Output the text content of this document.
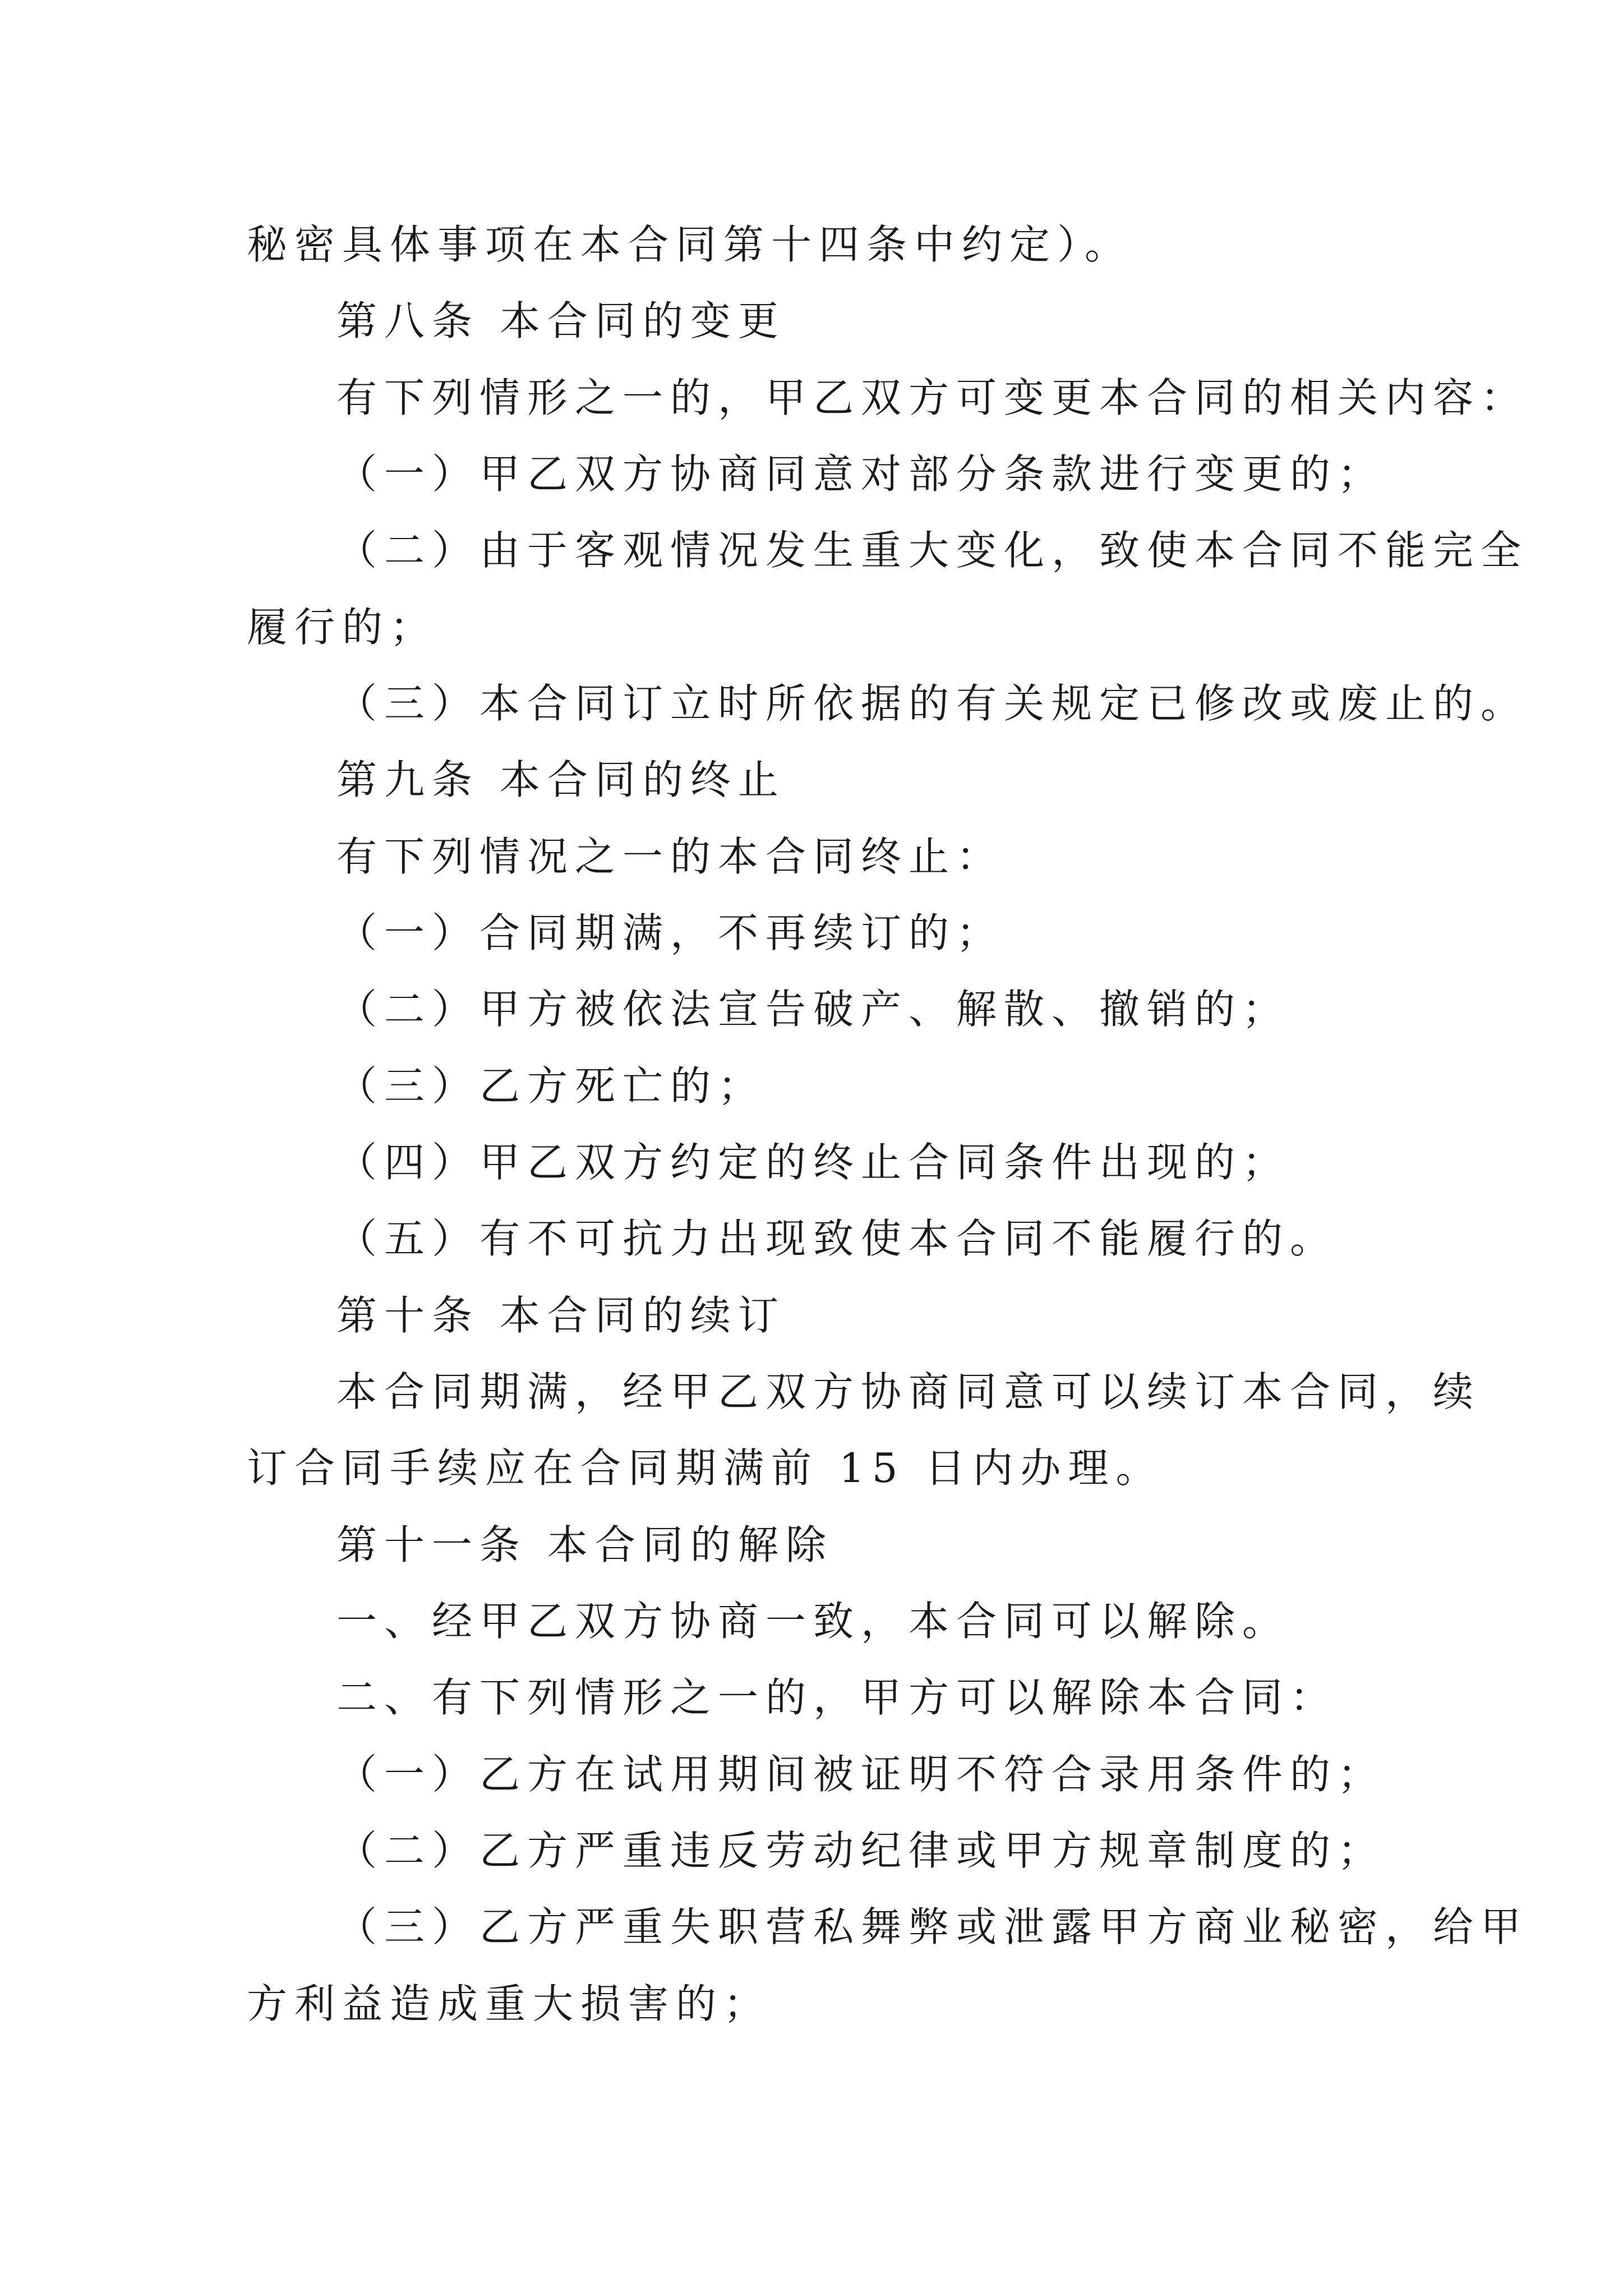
秘密具体事项在本合同第十四条中约定）。
第八条 本合同的变更
有下列情形之一的，甲乙双方可变更本合同的相关内容：
（一）甲乙双方协商同意对部分条款进行变更的；
（二）由于客观情况发生重大变化，致使本合同不能完全
履行的；
（三）本合同订立时所依据的有关规定已修改或废止的。
第九条 本合同的终止
有下列情况之一的本合同终止：
（一）合同期满，不再续订的；
（二）甲方被依法宣告破产、解散、撤销的；
（三）乙方死亡的；
（四）甲乙双方约定的终止合同条件出现的；
（五）有不可抗力出现致使本合同不能履行的。
第十条 本合同的续订
本合同期满，经甲乙双方协商同意可以续订本合同，续
订合同手续应在合同期满前 15 日内办理。
第十一条 本合同的解除
一、经甲乙双方协商一致，本合同可以解除。
二、有下列情形之一的，甲方可以解除本合同：
（一）乙方在试用期间被证明不符合录用条件的；
（二）乙方严重违反劳动纪律或甲方规章制度的；
（三）乙方严重失职营私舞弊或泄露甲方商业秘密，给甲
方利益造成重大损害的；
